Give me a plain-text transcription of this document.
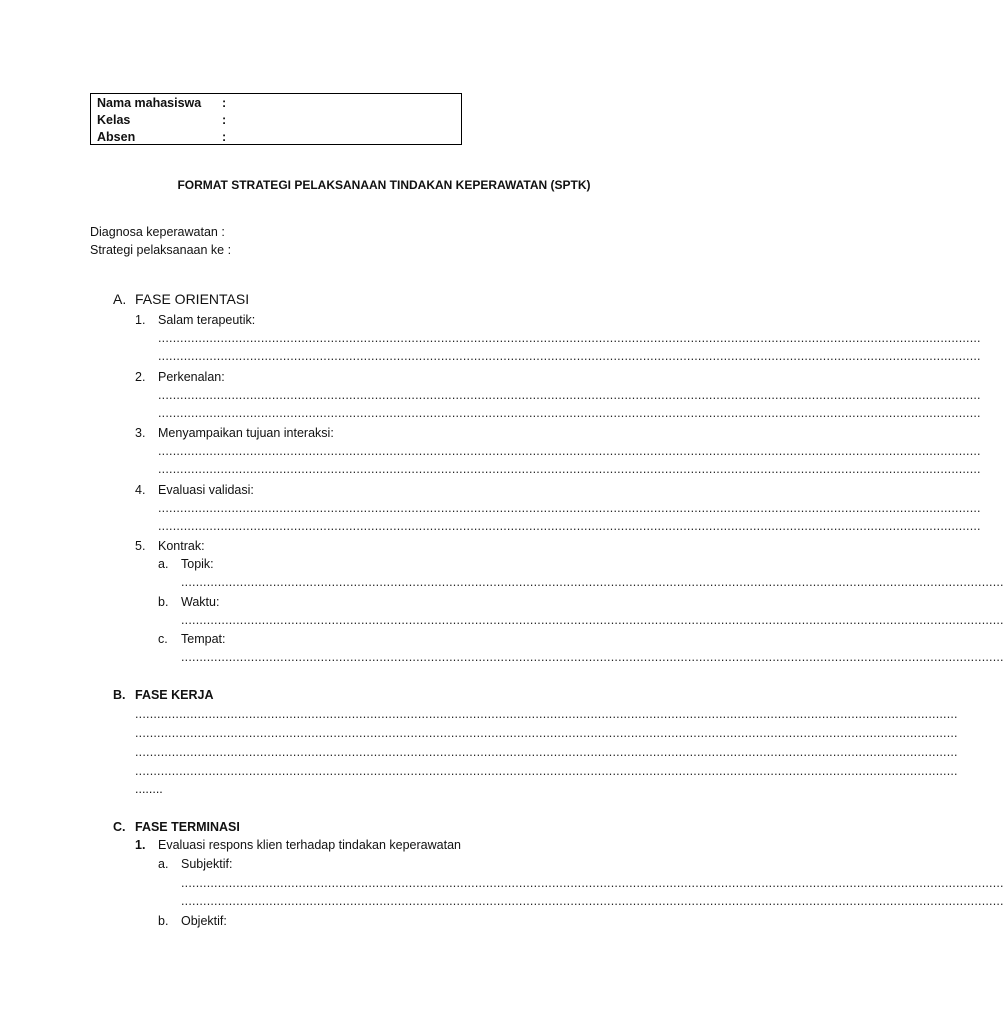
Nama mahasiswa :
Kelas	:
Absen	:
FORMAT STRATEGI PELAKSANAAN TINDAKAN KEPERAWATAN (SPTK)
Diagnosa keperawatan :
Strategi pelaksanaan ke :
A. FASE ORIENTASI
1. Salam terapeutik:
................................................................................................................................................................................................................................
................................................................................................................................................................................................................................
2. Perkenalan:
................................................................................................................................................................................................................................
................................................................................................................................................................................................................................
3. Menyampaikan tujuan interaksi:
................................................................................................................................................................................................................................
................................................................................................................................................................................................................................
4. Evaluasi validasi:
................................................................................................................................................................................................................................
................................................................................................................................................................................................................................
5. Kontrak:
a. Topik:
................................................................................................................................................................................................................................
b. Waktu:
................................................................................................................................................................................................................................
c. Tempat:
................................................................................................................................................................................................................................
B. FASE KERJA
................................................................................................................................................................................................................................
................................................................................................................................................................................................................................
................................................................................................................................................................................................................................
................................................................................................................................................................................................................................
........
C. FASE TERMINASI
1. Evaluasi respons klien terhadap tindakan keperawatan
a. Subjektif:
................................................................................................................................................................................................................................
................................................................................................................................................................................................................................
b. Objektif:
